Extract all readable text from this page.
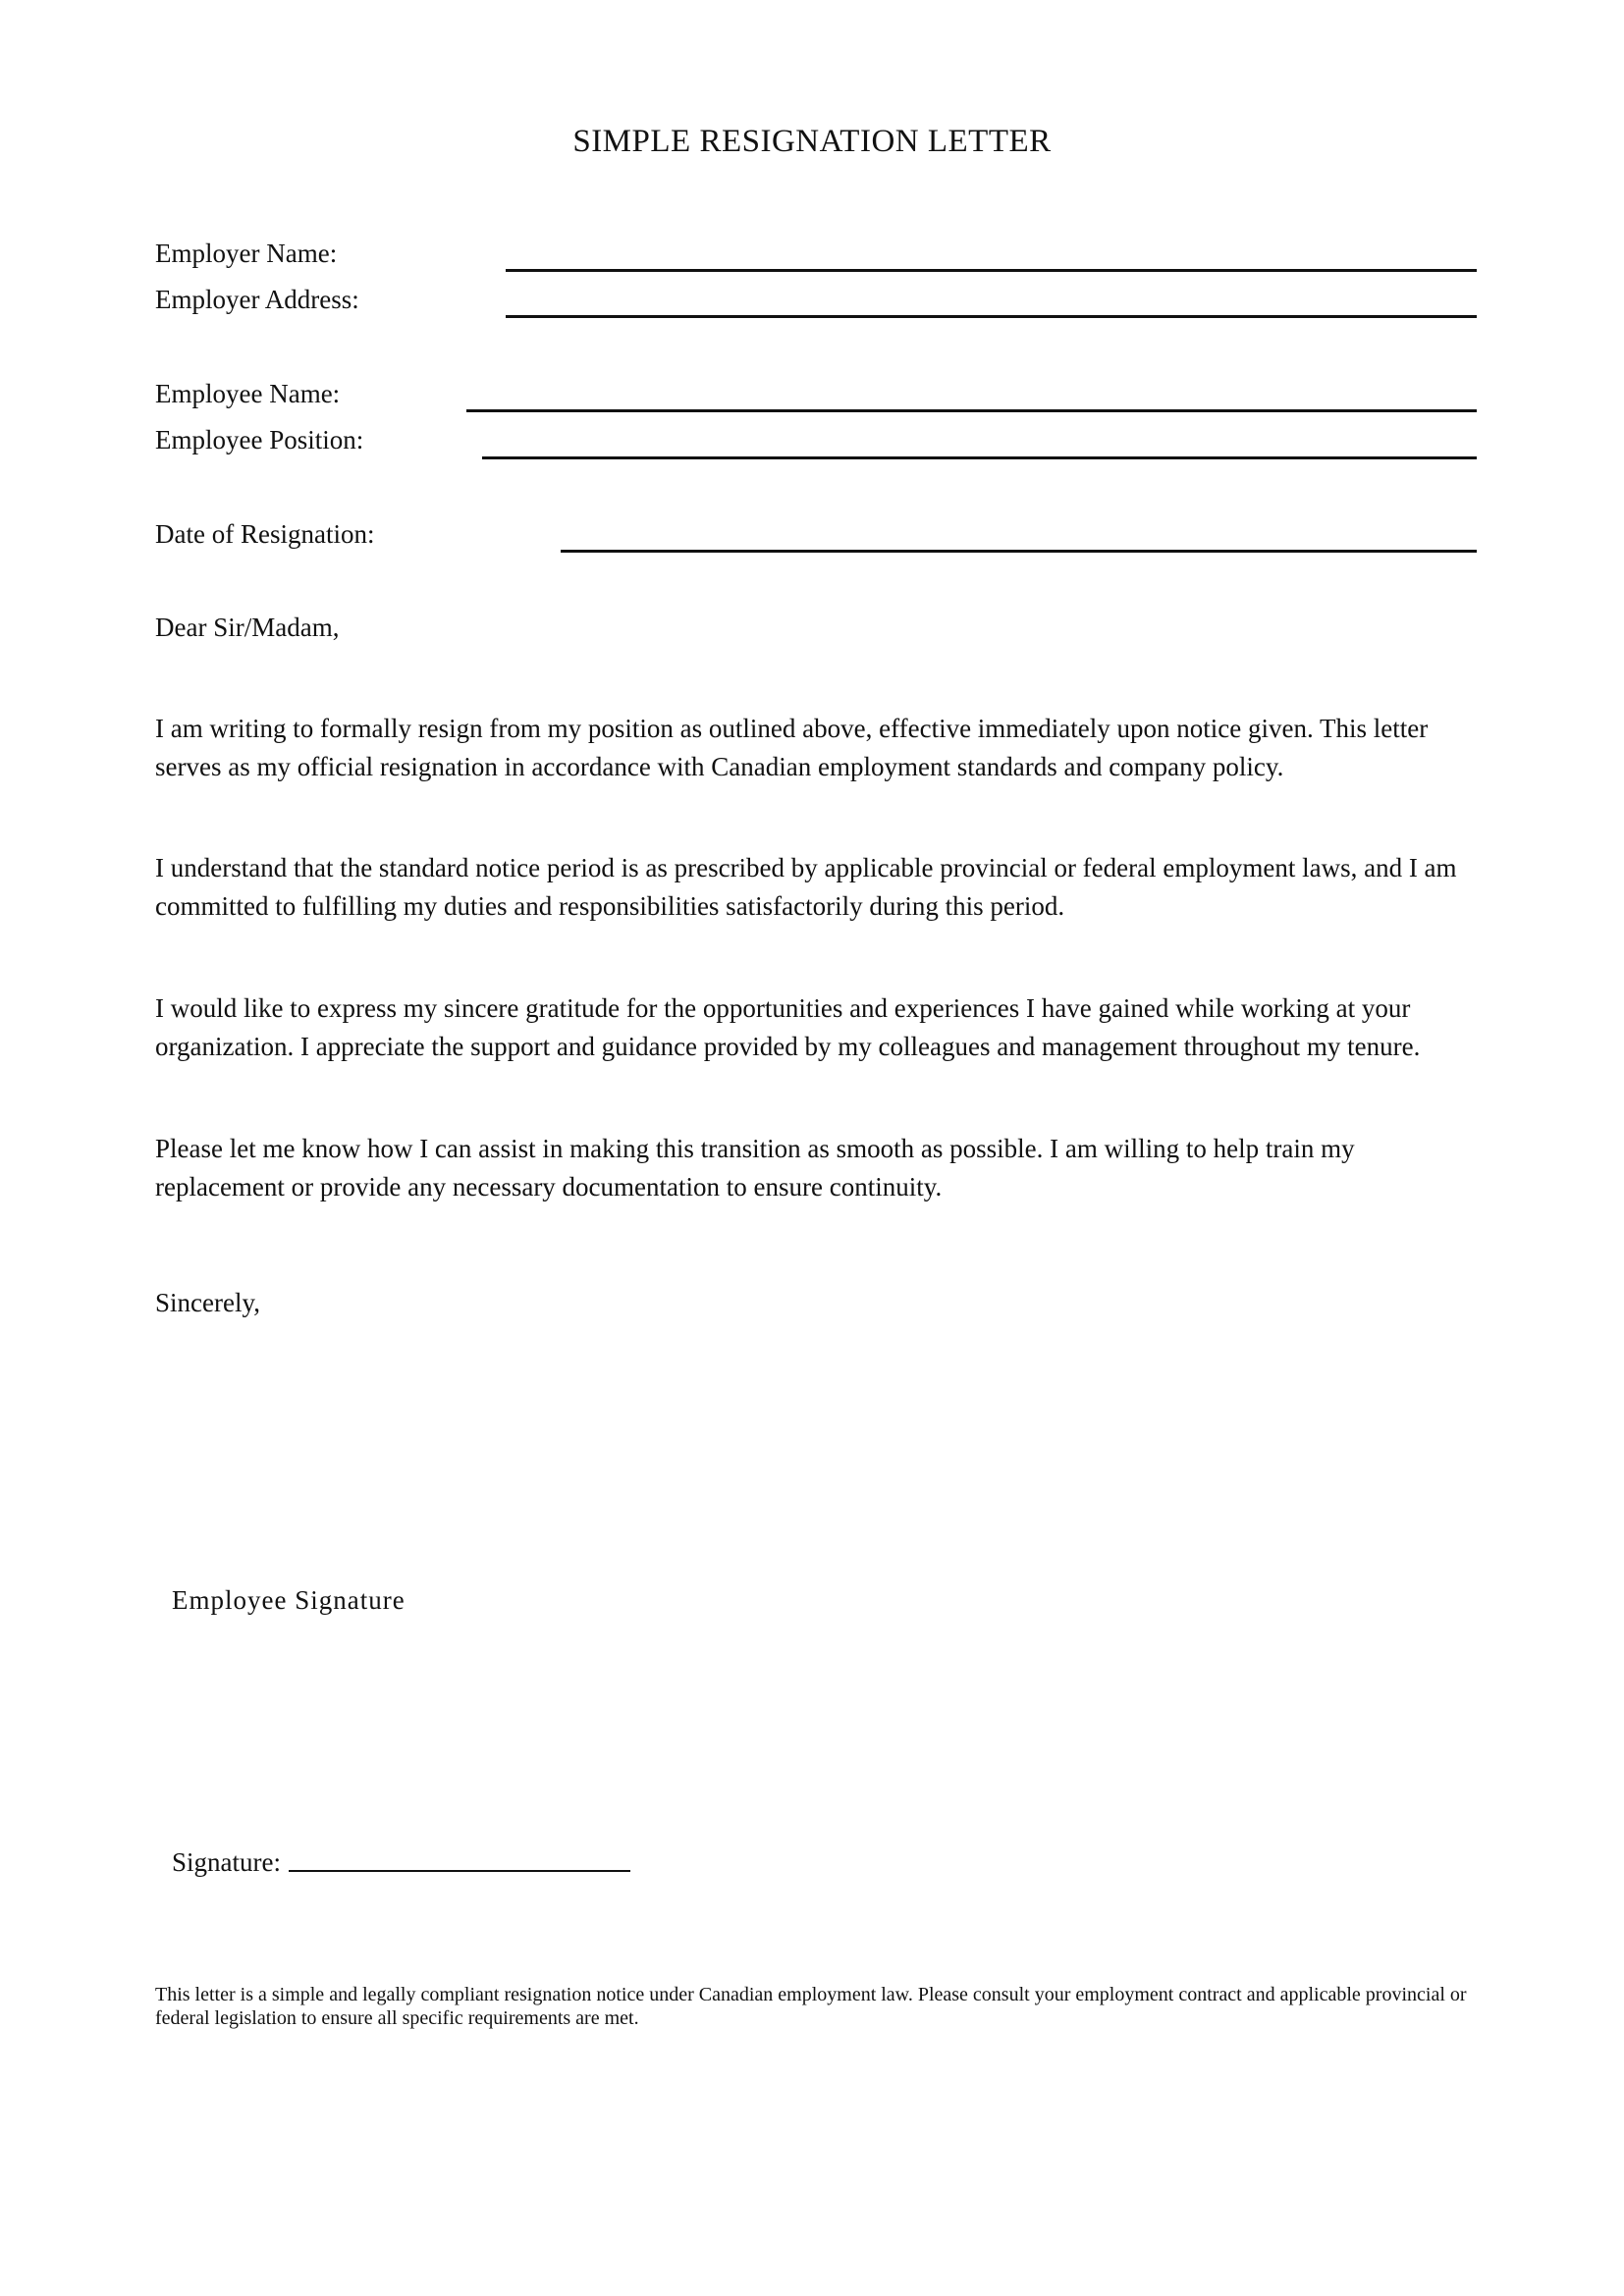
SIMPLE RESIGNATION LETTER
Employer Name:
Employer Address:
Employee Name:
Employee Position:
Date of Resignation:
Dear Sir/Madam,
I am writing to formally resign from my position as outlined above, effective immediately upon notice given. This letter serves as my official resignation in accordance with Canadian employment standards and company policy.
I understand that the standard notice period is as prescribed by applicable provincial or federal employment laws, and I am committed to fulfilling my duties and responsibilities satisfactorily during this period.
I would like to express my sincere gratitude for the opportunities and experiences I have gained while working at your organization. I appreciate the support and guidance provided by my colleagues and management throughout my tenure.
Please let me know how I can assist in making this transition as smooth as possible. I am willing to help train my replacement or provide any necessary documentation to ensure continuity.
Sincerely,
Employee Signature
Signature:
This letter is a simple and legally compliant resignation notice under Canadian employment law. Please consult your employment contract and applicable provincial or federal legislation to ensure all specific requirements are met.
